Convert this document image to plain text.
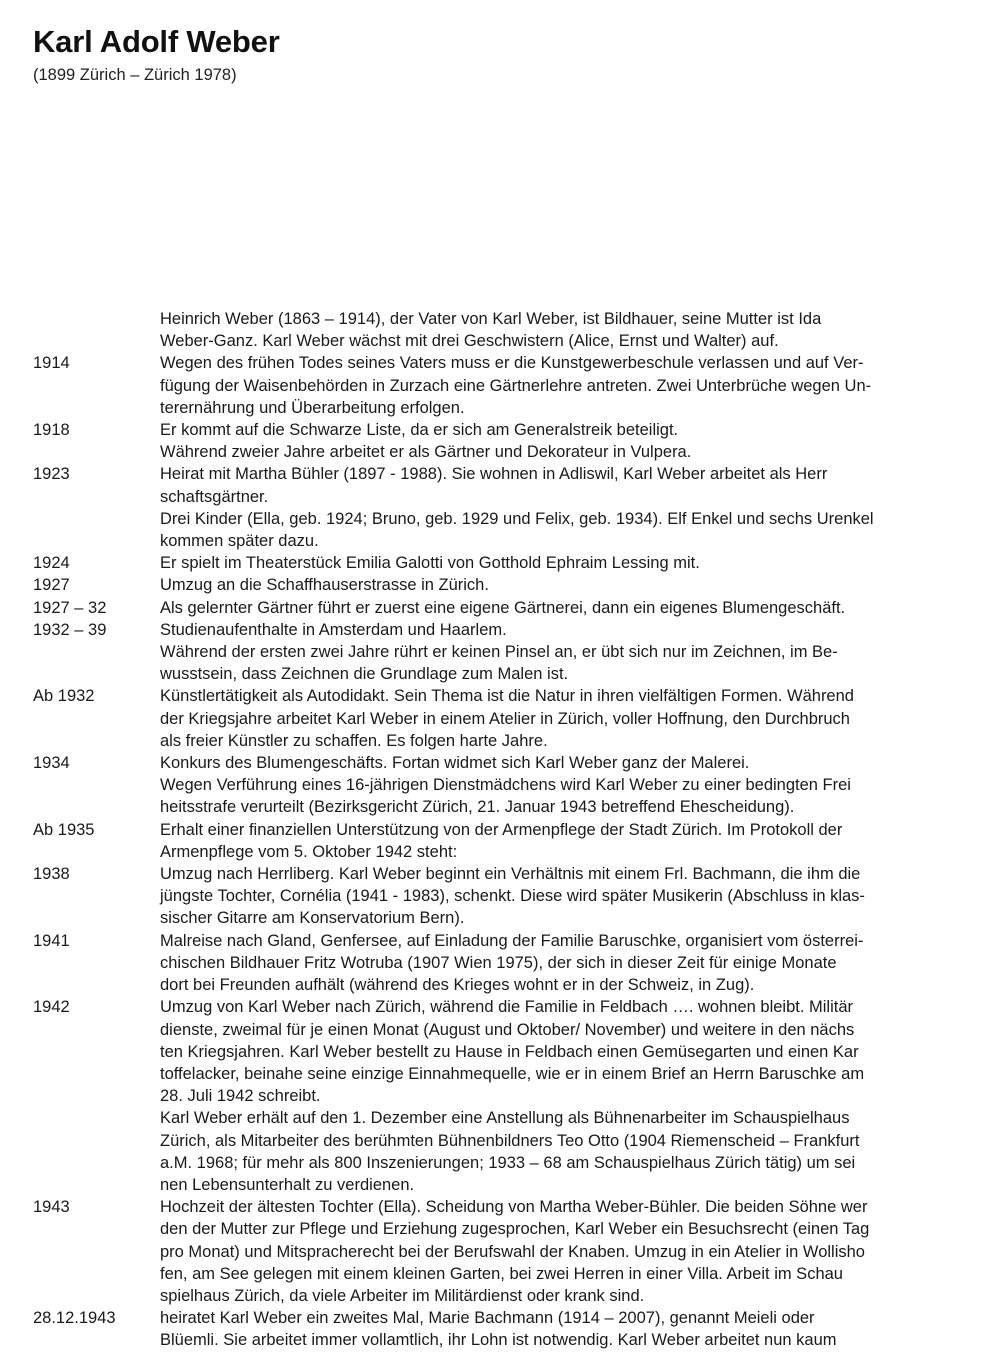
Karl Adolf Weber

(1899 Zürich – Zürich 1978)

Heinrich Weber (1863 – 1914), der Vater von Karl Weber, ist Bildhauer, seine Mutter ist Ida
Weber-Ganz. Karl Weber wächst mit drei Geschwistern (Alice, Ernst und Walter) auf.

1914	Wegen des frühen Todes seines Vaters muss er die Kunstgewerbeschule verlassen und auf Ver-
fügung der Waisenbehörden in Zurzach eine Gärtnerlehre antreten. Zwei Unterbrüche wegen Un-
terernährung und Überarbeitung erfolgen.

1918	Er kommt auf die Schwarze Liste, da er sich am Generalstreik beteiligt.

Während zweier Jahre arbeitet er als Gärtner und Dekorateur in Vulpera.

1923	Heirat mit Martha Bühler (1897 - 1988). Sie wohnen in Adliswil, Karl Weber arbeitet als Herr
schaftsgärtner.

Drei Kinder (Ella, geb. 1924; Bruno, geb. 1929 und Felix, geb. 1934). Elf Enkel und sechs Urenkel
kommen später dazu.

1924	Er spielt im Theaterstück Emilia Galotti von Gotthold Ephraim Lessing mit.

1927	Umzug an die Schaffhauserstrasse in Zürich.

1927 – 32	Als gelernter Gärtner führt er zuerst eine eigene Gärtnerei, dann ein eigenes Blumengeschäft.

1932 – 39	Studienaufenthalte in Amsterdam und Haarlem.

Während der ersten zwei Jahre rührt er keinen Pinsel an, er übt sich nur im Zeichnen, im Be-
wusstsein, dass Zeichnen die Grundlage zum Malen ist.

Ab 1932	Künstlertätigkeit als Autodidakt. Sein Thema ist die Natur in ihren vielfältigen Formen. Während
der Kriegsjahre arbeitet Karl Weber in einem Atelier in Zürich, voller Hoffnung, den Durchbruch
als freier Künstler zu schaffen. Es folgen harte Jahre.

1934	Konkurs des Blumengeschäfts. Fortan widmet sich Karl Weber ganz der Malerei.

Wegen Verführung eines 16-jährigen Dienstmädchens wird Karl Weber zu einer bedingten Frei
heitsstrafe verurteilt (Bezirksgericht Zürich, 21. Januar 1943 betreffend Ehescheidung).

Ab 1935	Erhalt einer finanziellen Unterstützung von der Armenpflege der Stadt Zürich. Im Protokoll der
Armenpflege vom 5. Oktober 1942 steht:

1938	Umzug nach Herrliberg. Karl Weber beginnt ein Verhältnis mit einem Frl. Bachmann, die ihm die
jüngste Tochter, Cornélia (1941 - 1983), schenkt. Diese wird später Musikerin (Abschluss in klas-
sischer Gitarre am Konservatorium Bern).

1941	Malreise nach Gland, Genfersee, auf Einladung der Familie Baruschke, organisiert vom österrei-
chischen Bildhauer Fritz Wotruba (1907 Wien 1975), der sich in dieser Zeit für einige Monate
dort bei Freunden aufhält (während des Krieges wohnt er in der Schweiz, in Zug).

1942	Umzug von Karl Weber nach Zürich, während die Familie in Feldbach …. wohnen bleibt. Militär
dienste, zweimal für je einen Monat (August und Oktober/ November) und weitere in den nächs
ten Kriegsjahren. Karl Weber bestellt zu Hause in Feldbach einen Gemüsegarten und einen Kar
toffelacker, beinahe seine einzige Einnahmequelle, wie er in einem Brief an Herrn Baruschke am
28. Juli 1942 schreibt.

Karl Weber erhält auf den 1. Dezember eine Anstellung als Bühnenarbeiter im Schauspielhaus
Zürich, als Mitarbeiter des berühmten Bühnenbildners Teo Otto (1904 Riemenscheid – Frankfurt
a.M. 1968; für mehr als 800 Inszenierungen; 1933 – 68 am Schauspielhaus Zürich tätig) um sei
nen Lebensunterhalt zu verdienen.

1943	Hochzeit der ältesten Tochter (Ella). Scheidung von Martha Weber-Bühler. Die beiden Söhne wer
den der Mutter zur Pflege und Erziehung zugesprochen, Karl Weber ein Besuchsrecht (einen Tag
pro Monat) und Mitspracherecht bei der Berufswahl der Knaben. Umzug in ein Atelier in Wollisho
fen, am See gelegen mit einem kleinen Garten, bei zwei Herren in einer Villa. Arbeit im Schau
spielhaus Zürich, da viele Arbeiter im Militärdienst oder krank sind.

28.12.1943	heiratet Karl Weber ein zweites Mal, Marie Bachmann (1914 – 2007), genannt Meieli oder
Blüemli. Sie arbeitet immer vollamtlich, ihr Lohn ist notwendig. Karl Weber arbeitet nun kaum
